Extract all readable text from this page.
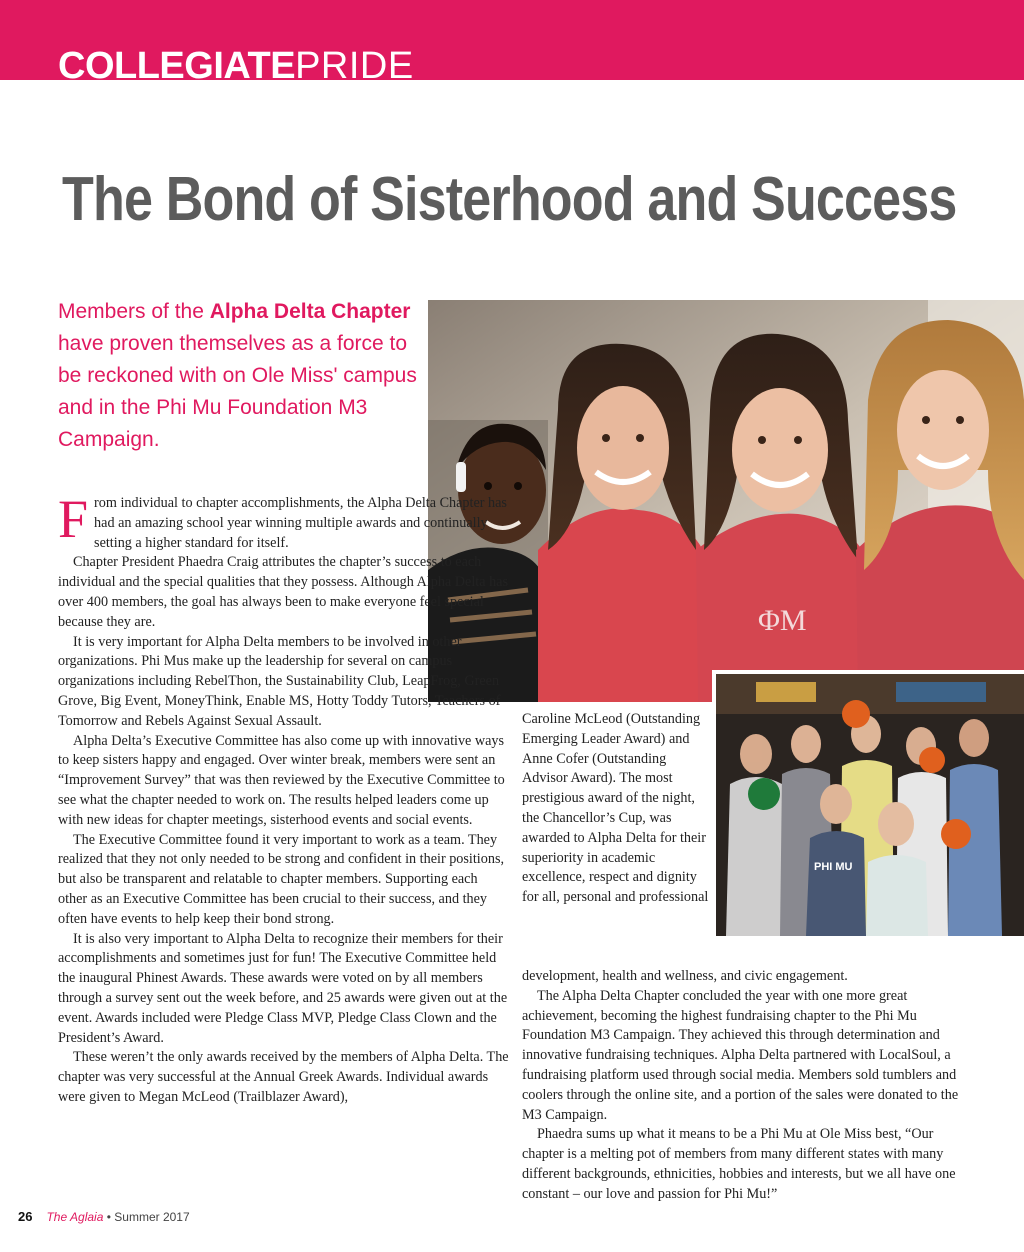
COLLEGIATEPRIDE
The Bond of Sisterhood and Success
Members of the Alpha Delta Chapter have proven themselves as a force to be reckoned with on Ole Miss' campus and in the Phi Mu Foundation M3 Campaign.
ΦΜ
PHI MU

From individual to chapter accomplishments, the Alpha Delta Chapter has had an amazing school year winning multiple awards and continually setting a higher standard for itself.

Chapter President Phaedra Craig attributes the chapter’s success to each individual and the special qualities that they possess. Although Alpha Delta has over 400 members, the goal has always been to make everyone feel special because they are.

It is very important for Alpha Delta members to be involved in other organizations. Phi Mus make up the leadership for several on campus organizations including RebelThon, the Sustainability Club, LeapFrog, Green Grove, Big Event, MoneyThink, Enable MS, Hotty Toddy Tutors, Teachers of Tomorrow and Rebels Against Sexual Assault.

Alpha Delta’s Executive Committee has also come up with innovative ways to keep sisters happy and engaged. Over winter break, members were sent an “Improvement Survey” that was then reviewed by the Executive Committee to see what the chapter needed to work on. The results helped leaders come up with new ideas for chapter meetings, sisterhood events and social events.

The Executive Committee found it very important to work as a team. They realized that they not only needed to be strong and confident in their positions, but also be transparent and relatable to chapter members. Supporting each other as an Executive Committee has been crucial to their success, and they often have events to help keep their bond strong.

It is also very important to Alpha Delta to recognize their members for their accomplishments and sometimes just for fun! The Executive Committee held the inaugural Phinest Awards. These awards were voted on by all members through a survey sent out the week before, and 25 awards were given out at the event. Awards included were Pledge Class MVP, Pledge Class Clown and the President’s Award.

These weren’t the only awards received by the members of Alpha Delta. The chapter was very successful at the Annual Greek Awards. Individual awards were given to Megan McLeod (Trailblazer Award),

Caroline McLeod (Outstanding Emerging Leader Award) and Anne Cofer (Outstanding Advisor Award). The most prestigious award of the night, the Chancellor’s Cup, was awarded to Alpha Delta for their superiority in academic excellence, respect and dignity for all, personal and professional

development, health and wellness, and civic engagement.

The Alpha Delta Chapter concluded the year with one more great achievement, becoming the highest fundraising chapter to the Phi Mu Foundation M3 Campaign. They achieved this through determination and innovative fundraising techniques. Alpha Delta partnered with LocalSoul, a fundraising platform used through social media. Members sold tumblers and coolers through the online site, and a portion of the sales were donated to the M3 Campaign.

Phaedra sums up what it means to be a Phi Mu at Ole Miss best, “Our chapter is a melting pot of members from many different states with many different backgrounds, ethnicities, hobbies and interests, but we all have one constant – our love and passion for Phi Mu!”

26 The Aglaia • Summer 2017
